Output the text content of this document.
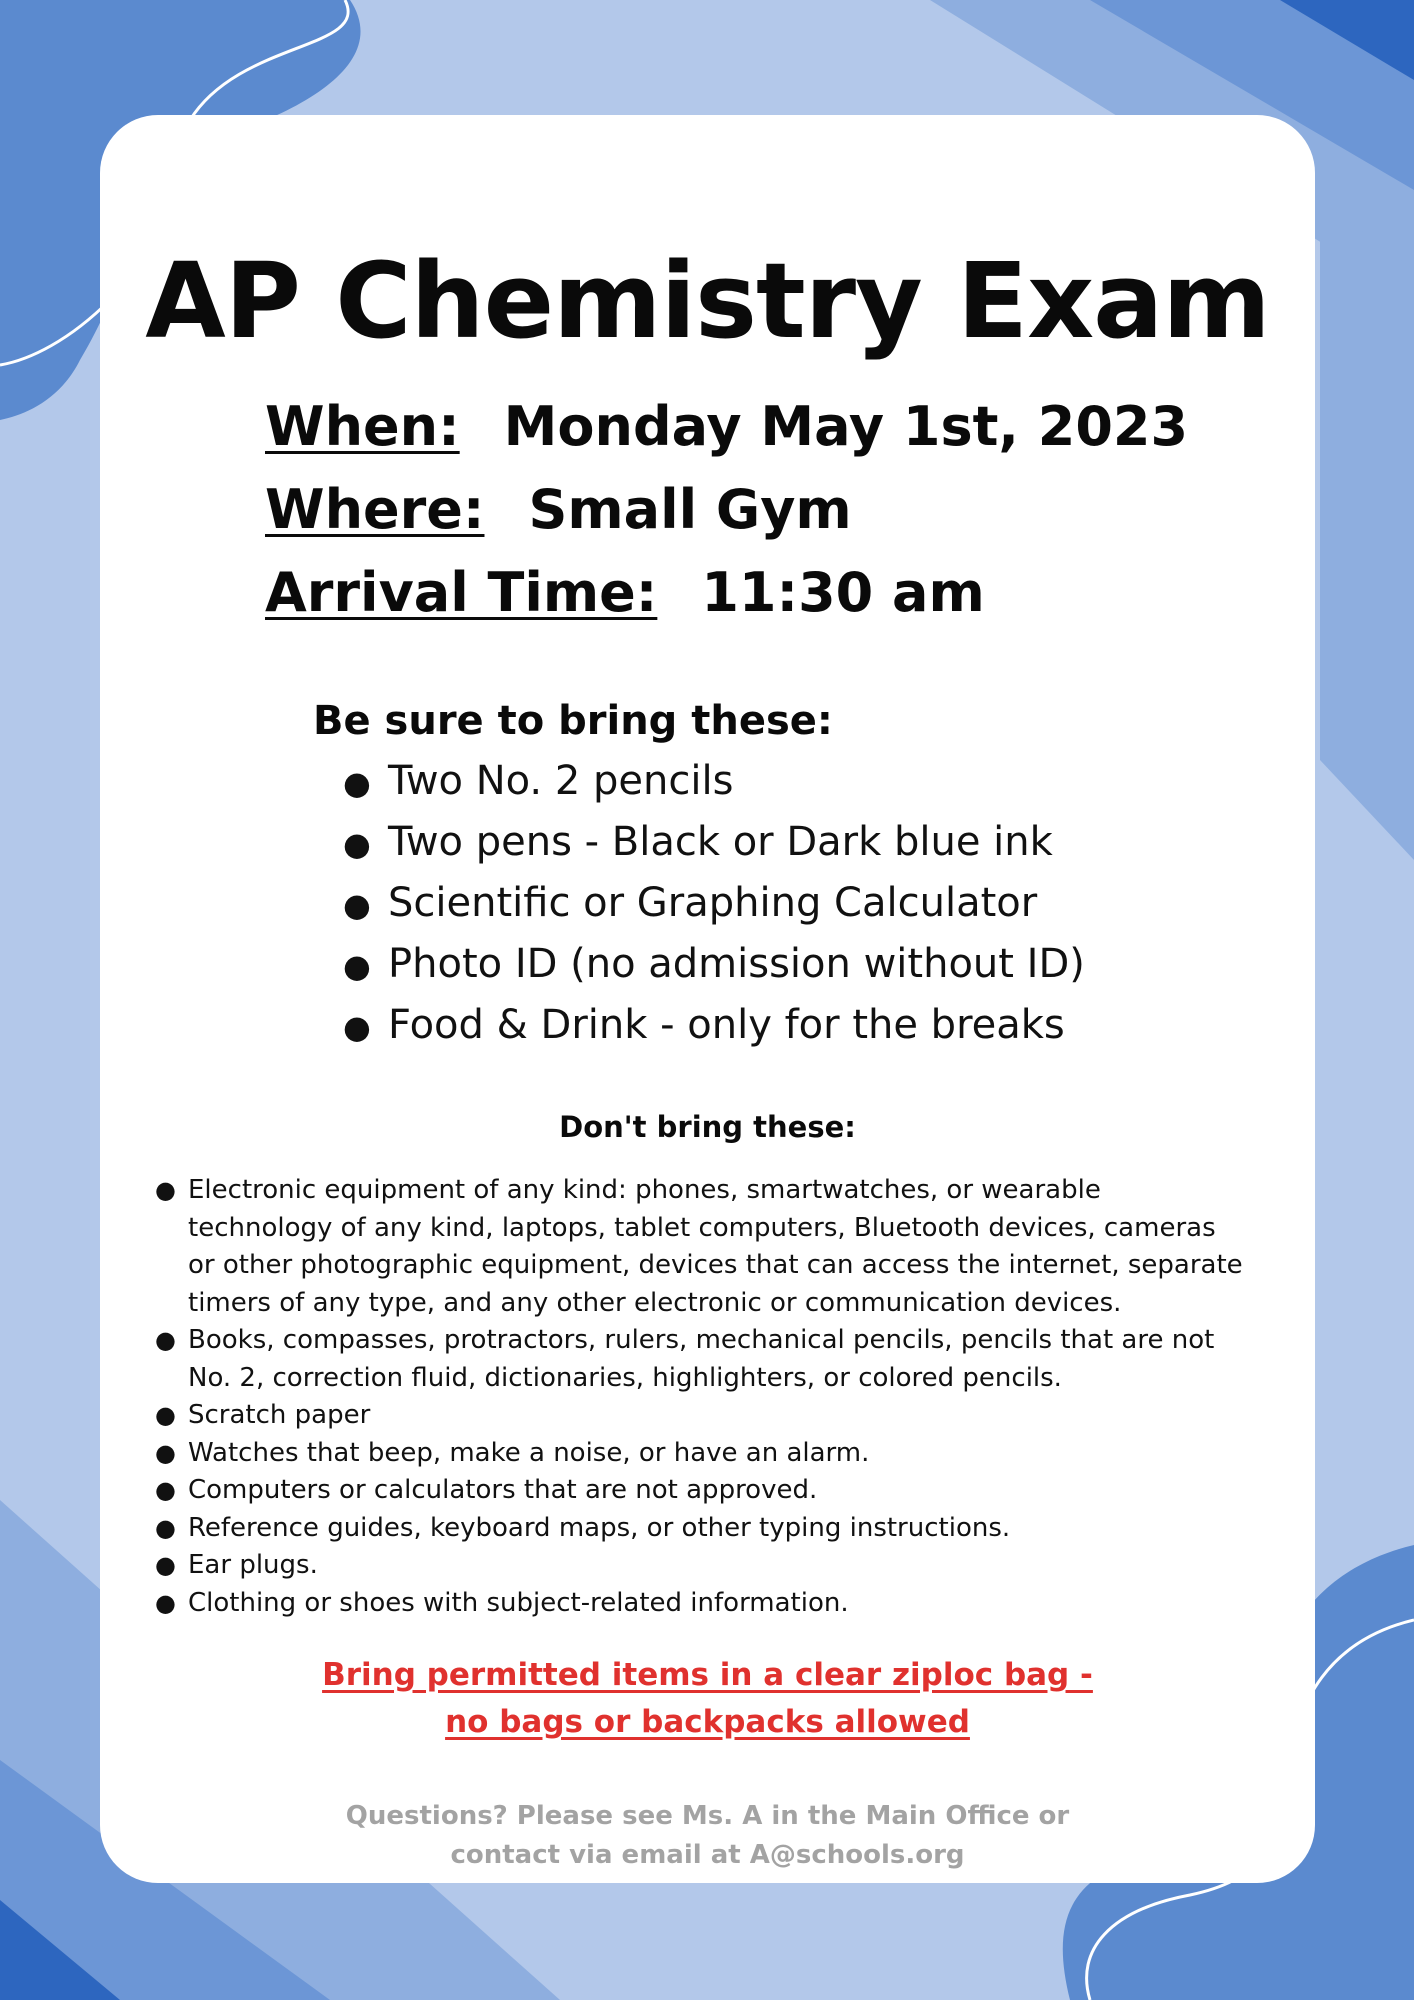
AP Chemistry Exam
When: Monday May 1st, 2023
Where: Small Gym
Arrival Time: 11:30 am
Be sure to bring these:
● Two No. 2 pencils
● Two pens - Black or Dark blue ink
● Scientific or Graphing Calculator
● Photo ID (no admission without ID)
● Food & Drink - only for the breaks
Don't bring these:
● Electronic equipment of any kind: phones, smartwatches, or wearable technology of any kind, laptops, tablet computers, Bluetooth devices, cameras or other photographic equipment, devices that can access the internet, separate timers of any type, and any other electronic or communication devices.
● Books, compasses, protractors, rulers, mechanical pencils, pencils that are not No. 2, correction fluid, dictionaries, highlighters, or colored pencils.
● Scratch paper
● Watches that beep, make a noise, or have an alarm.
● Computers or calculators that are not approved.
● Reference guides, keyboard maps, or other typing instructions.
● Ear plugs.
● Clothing or shoes with subject-related information.
Bring permitted items in a clear ziploc bag -
no bags or backpacks allowed
Questions? Please see Ms. A in the Main Office or
contact via email at A@schools.org
